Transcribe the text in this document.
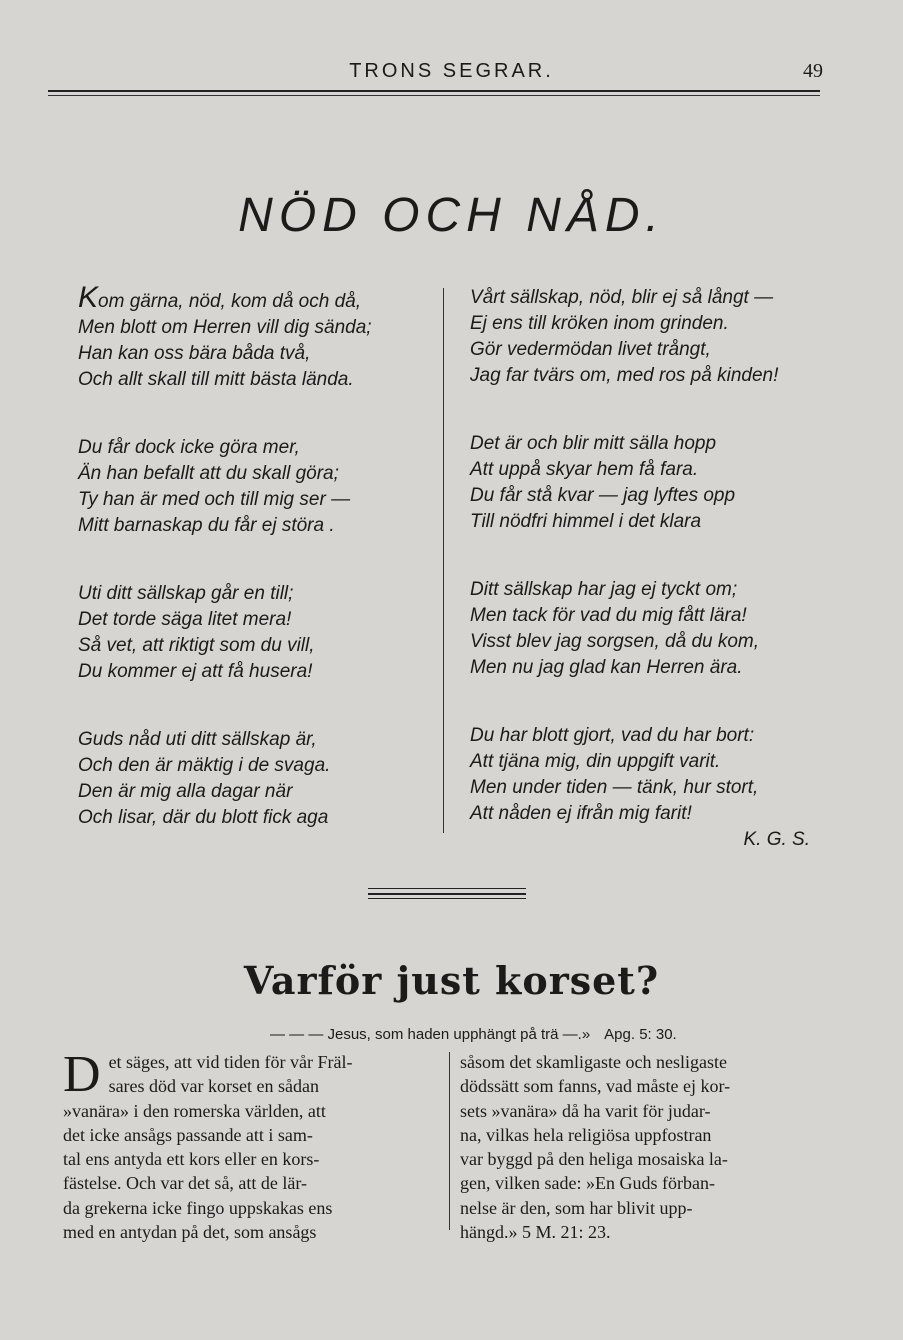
TRONS SEGRAR.	49
NÖD OCH NÅD.
Kom gärna, nöd, kom då och då,
Men blott om Herren vill dig sända;
Han kan oss bära båda två,
Och allt skall till mitt bästa lända.
Du får dock icke göra mer,
Än han befallt att du skall göra;
Ty han är med och till mig ser —
Mitt barnaskap du får ej störa .
Uti ditt sällskap går en till;
Det torde säga litet mera!
Så vet, att riktigt som du vill,
Du kommer ej att få husera!
Guds nåd uti ditt sällskap är,
Och den är mäktig i de svaga.
Den är mig alla dagar när
Och lisar, där du blott fick aga
Vårt sällskap, nöd, blir ej så långt —
Ej ens till kröken inom grinden.
Gör vedermödan livet trångt,
Jag far tvärs om, med ros på kinden!
Det är och blir mitt sälla hopp
Att uppå skyar hem få fara.
Du får stå kvar — jag lyftes opp
Till nödfri himmel i det klara
Ditt sällskap har jag ej tyckt om;
Men tack för vad du mig fått lära!
Visst blev jag sorgsen, då du kom,
Men nu jag glad kan Herren ära.
Du har blott gjort, vad du har bort:
Att tjäna mig, din uppgift varit.
Men under tiden — tänk, hur stort,
Att nåden ej ifrån mig farit!
K. G. S.
Varför just korset?
— — — Jesus, som haden upphängt på trä —.» Apg. 5: 30.
D et säges, att vid tiden för vår Fräl-
sares död var korset en sådan
»vanära» i den romerska världen, att
det icke ansågs passande att i sam-
tal ens antyda ett kors eller en kors-
fästelse. Och var det så, att de lär-
da grekerna icke fingo uppskakas ens
med en antydan på det, som ansågs
såsom det skamligaste och nesligaste
dödssätt som fanns, vad måste ej kor-
sets »vanära» då ha varit för judar-
na, vilkas hela religiösa uppfostran
var byggd på den heliga mosaiska la-
gen, vilken sade: »En Guds förban-
nelse är den, som har blivit upp-
hängd.» 5 M. 21: 23.
